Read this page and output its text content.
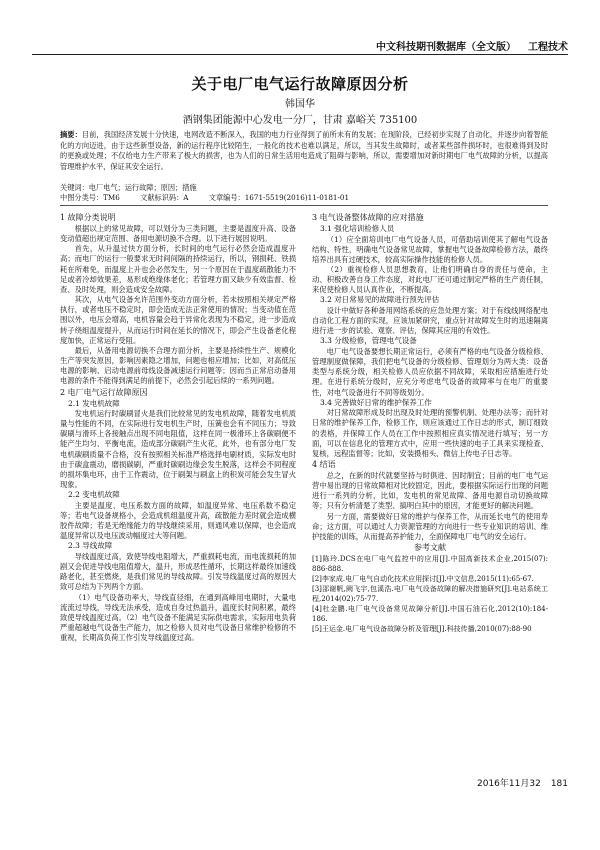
中文科技期刊数据库（全文版） 工程技术
关于电厂电气运行故障原因分析
韩国华
酒钢集团能源中心发电一分厂，甘肃 嘉峪关 735100
摘要：目前，我国经济发展十分快速，电网改造不断深入，我国的电力行业得到了前所未有的发展；在现阶段，已经初步实现了自动化，并逐步向着智能化的方向迈进，由于这些新型设备，新的运行程序比较陌生，一般化的技术也难以满足，所以，当其发生故障时，或者某些部件损坏时，也很难得到及时的更换或处理；不仅给电力生产带来了极大的损害，也为人们的日常生活用电造成了阻碍与影响，所以，需要增加对新时期电厂电气故障的分析，以提高管理维护水平，保证其安全运行。
关键词：电厂电气；运行故障；原因；措施
中图分类号：TM6	文献标识码：A	文章编号：1671-5519(2016)11-0181-01
1 故障分类说明

根据以上的常见故障，可以划分为三类问题，主要是温度升高、设备变动值超出规定范围、备用电源切换不合理。以下进行展因说明。

首先，从升温过快方面分析，长时间的电气运行必然会造成温度升高；而电厂的运行一般要求无时间间隔的持续运行，所以，钢损耗、铁损耗在所难免，而温度上升也会必然发生，另一个原因在于温度疏散能力不足或者冷却效果差，易形成绝缘体老化；若管理方面又缺少有效监督、检查、及时处理，则会造成安全故障。

其次，从电气设备允许范围外变动方面分析，若未按照相关规定严格执行，或者电压不稳定时，即会造成无法正常使用的情况；当变动值在范围以外，电压会增高，电机容量会趋于异常化表现为不稳定，进一步造成转子绕组温度提升，从而运行时间在延长的情况下，即会产生设备老化程度加快，正常运行受阻。

最后，从备用电源切换不合理方面分析，主要是持续性生产、规模化生产等突发原因，影响因素隐之增加，问题也相应增加；比如，对高低压电源的影响、启动电源前母线设备减速运行问题等；因而当正常启动备用电源的条件不能得到满足的前提下，必然会引起后续的一系列问题。

2 电厂电气运行故障原因
2.1 发电机故障

发电机运行时碳刷冒火是我们比较常见的发电机故障，随着发电机质量与性能的不同，在实际进行发电机生产时，压簧也会有不同压力；导致碳刷与滑环上各接触点出现不同电阻值，这样在同一极滑环上各碳刷便不能产生均匀、平衡电流，造成部分碳刷产生火花，此外，也有部分电厂发电机碳刷质量不合格，没有按照相关标准严格选择电刷材质，实际发电时由于碳盒震动，磨损碳刷，严重时碳刷边缘会发生脱落，这样会不同程度的损坏集电环，由于工作震动，位于刷架与刷盒上的积炭可能会发生冒火现象。

2.2 变电机故障

主要是温度、电压系数方面的故障，如温度异常、电压系数不稳定等；若电气设备规格小，会造成机组温度升高，疏散能力差时就会造成横胶件故障；若是无绝缘能力的导线继续采用，则通风难以保障，也会造成温度异常以及电压波动幅度过大等问题。

2.3 导线故障

导线温度过高，致使导线电阻增大，严重损耗电流，而电流损耗的加剧又会促进导线电阻值增大，温升，形成恶性循环，长期这样最终加速线路老化，甚至燃烧，是我们常见的导线故障。引发导线温度过高的原因大致可总结为下列两个方面。

（1）电气设备功率大，导线直径细，在通到高峰用电期时，大量电流流过导线，导线无法承受，造成自身过热温升，温度长时间积累，最终致使导线温度过高。（2）电气设备不能满足实际供电需求，实际用电负荷严重超越电气设备生产能力，加之检修人员对电气设备日常维护检修的不重视，长期高负荷工作引发导线温度过高。

3 电气设备整体故障的应对措施
3.1 强化培训检修人员

（1）应全面培训电厂电气设备人员，可借助培训使其了解电气设备结构、特性，明确电气设备常见故障，掌握电气设备故障检修方法，最终培养出具有过硬技术，较高实际操作技能的检修人员。

（2）重视检修人员思想教育，让他们明确自身的责任与使命，主动、积极改善自身工作态度，对此电厂还可通过制定严格的生产责任制，来促使检修人员认真作业，不断提高。

3.2 对日常易见的故障进行预先评估

设计中做好各种备用网络系统的应急处理方案；对于有线线网络配电自动化工程方面的实现，应该加紧研究，重点针对故障发生时的迅速隔离进行进一步的试验、观察、评估，保障其应用的有效性。

3.3 分级检修，管理电气设备

电厂电气设备要想长期正常运行，必须有严格的电气设备分级检修、管理制度做保障，我们把电气设备的分级检修、管理划分为两大类：设备类型与系统分级，相关检修人员应依据不同故障，采取相应措施进行处理。在进行系统分级时，应充分考虑电气设备的故障率与在电厂的重要性，对电气设备进行不同等级划分。

3.4 完善做好日常的维护保养工作

对日常故障形成及时出现及时处理的预警机制、处理办法等；而针对日常的维护保养工作，检修工作，则应该通过工作日志的形式，制订细致的表格，并保障工作人员在工作中按照相应真实情况进行填写；另一方面，可以在信息化的管理方式中，应用一些快速的电子工具来实现检查、复核，远程监督等；比如，安装摄相头、微信上传电子日志等。

4 结语

总之，在新的时代就要坚持与时俱进、因时制宜；目前的电厂电气运营中易出现的日常故障相对比较固定，因此，要根据实际运行出现的问题进行一系列的分析，比如，发电机的常见故障、备用电源自动切换故障等；只有分析清楚了类型、搞明白其中的原因，才能更好的解决问题。

另一方面，需要做好日常的维护与保养工作，从而延长电气的使用寿命；这方面，可以通过人力资源管理的方向进行一些专业知识的培训、维护技能的训练，从而提高养护能力，全面保障电厂电气的安全运行。

参考文献

[1]陈玲.DCS在电厂电气监控中的应用[J].中国高新技术企业,2015(07): 886-888.

[2]李家成.电厂电气自动化技术应用探讨[J].中文信息,2015(11):65-67.

[3]邵谢帆,阙飞宇,包溪浩.电厂电气设备故障的解决措施研究[J].电站系统工程,2014(02):75-77.

[4]杜金鹏.电厂电气设备常见故障分析[J].中国石油石化,2012(10):184-186.

[5]王运金.电厂电气设备故障分析及管理[J].科技传播,2010(07):88-90

2016年11月32 181
